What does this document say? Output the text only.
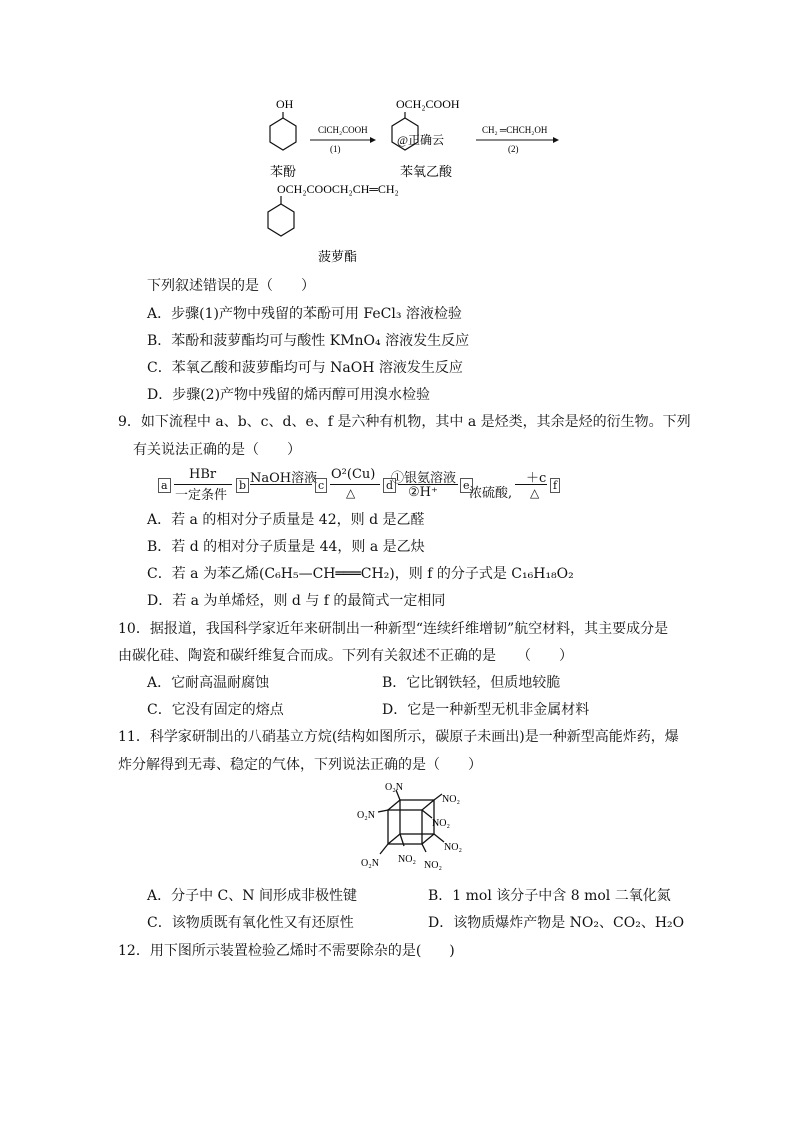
OH
苯酚
ClCH₂COOH
(1)
OCH₂COOH
@正确云
苯氧乙酸
CH₂ ═CHCH₂OH
(2)
OCH₂COOCH₂CH═CH₂
菠萝酯
下列叙述错误的是（　　）
A．步骤(1)产物中残留的苯酚可用 FeCl₃ 溶液检验
B．苯酚和菠萝酯均可与酸性 KMnO₄ 溶液发生反应
C．苯氧乙酸和菠萝酯均可与 NaOH 溶液发生反应
D．步骤(2)产物中残留的烯丙醇可用溴水检验
9．如下流程中 a、b、c、d、e、f 是六种有机物，其中 a 是烃类，其余是烃的衍生物。下列
有关说法正确的是（　　）
a
HBr
一定条件
b NaOH溶液 c
O²(Cu)
△
d
①银氨溶液
②H⁺ e
浓硫酸,
＋c
△
f
A．若 a 的相对分子质量是 42，则 d 是乙醛
B．若 d 的相对分子质量是 44，则 a 是乙炔
C．若 a 为苯乙烯(C₆H₅—CH═══CH₂)，则 f 的分子式是 C₁₆H₁₈O₂
D．若 a 为单烯烃，则 d 与 f 的最简式一定相同
10．据报道，我国科学家近年来研制出一种新型“连续纤维增韧”航空材料，其主要成分是
由碳化硅、陶瓷和碳纤维复合而成。下列有关叙述不正确的是　　（　　）
A．它耐高温耐腐蚀	B．它比钢铁轻，但质地较脆
C．它没有固定的熔点	D．它是一种新型无机非金属材料
11．科学家研制出的八硝基立方烷(结构如图所示，碳原子未画出)是一种新型高能炸药，爆
炸分解得到无毒、稳定的气体，下列说法正确的是（　　）
O₂N
NO₂
O₂N
NO₂
NO₂
O₂N NO₂
NO₂
A．分子中 C、N 间形成非极性键	B．1 mol 该分子中含 8 mol 二氧化氮
C．该物质既有氧化性又有还原性	D．该物质爆炸产物是 NO₂、CO₂、H₂O
12．用下图所示装置检验乙烯时不需要除杂的是(　　)
